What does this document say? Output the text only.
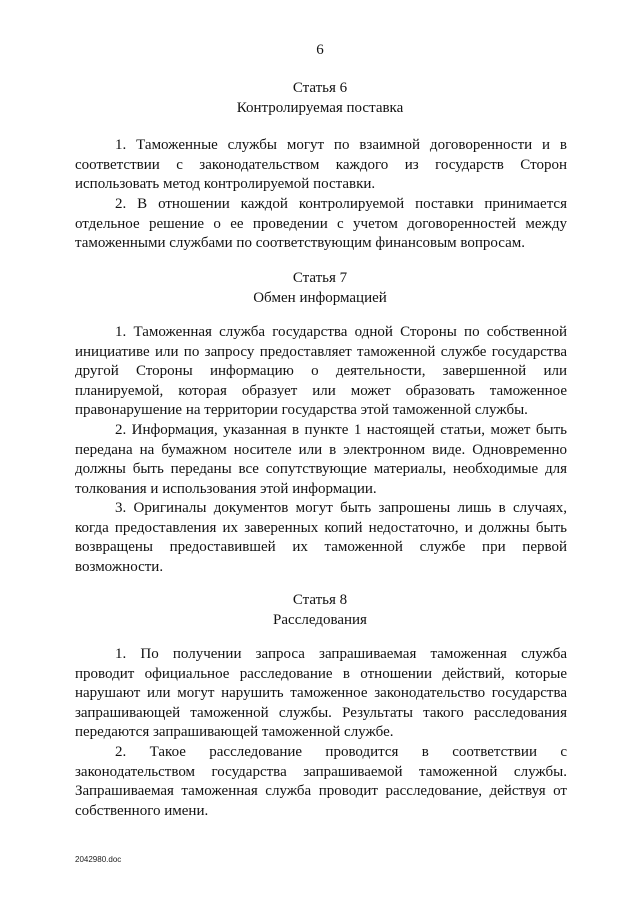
6
Статья 6
Контролируемая поставка

1. Таможенные службы могут по взаимной договоренности и в соответствии с законодательством каждого из государств Сторон использовать метод контролируемой поставки.

2. В отношении каждой контролируемой поставки принимается отдельное решение о ее проведении с учетом договоренностей между таможенными службами по соответствующим финансовым вопросам.

Статья 7
Обмен информацией

1. Таможенная служба государства одной Стороны по собственной инициативе или по запросу предоставляет таможенной службе государства другой Стороны информацию о деятельности, завершенной или планируемой, которая образует или может образовать таможенное правонарушение на территории государства этой таможенной службы.

2. Информация, указанная в пункте 1 настоящей статьи, может быть передана на бумажном носителе или в электронном виде. Одновременно должны быть переданы все сопутствующие материалы, необходимые для толкования и использования этой информации.

3. Оригиналы документов могут быть запрошены лишь в случаях, когда предоставления их заверенных копий недостаточно, и должны быть возвращены предоставившей их таможенной службе при первой возможности.

Статья 8
Расследования

1. По получении запроса запрашиваемая таможенная служба проводит официальное расследование в отношении действий, которые нарушают или могут нарушить таможенное законодательство государства запрашивающей таможенной службы. Результаты такого расследования передаются запрашивающей таможенной службе.

2. Такое расследование проводится в соответствии с законодательством государства запрашиваемой таможенной службы. Запрашиваемая таможенная служба проводит расследование, действуя от собственного имени.

2042980.doc
